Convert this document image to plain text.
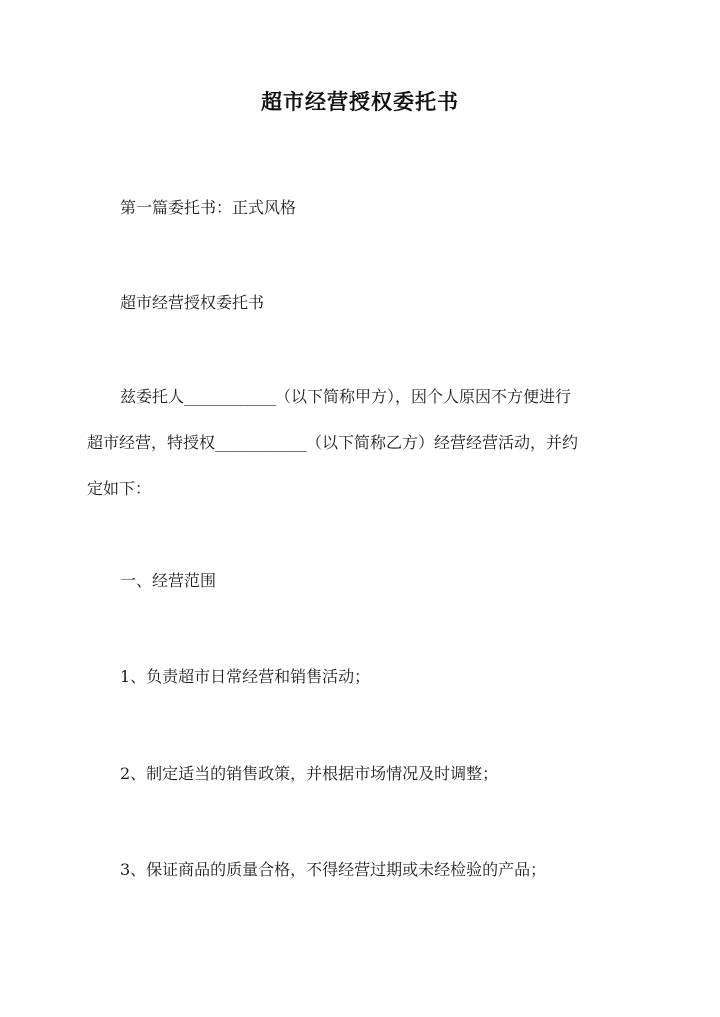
超市经营授权委托书
第一篇委托书：正式风格
超市经营授权委托书
兹委托人_____________（以下简称甲方），因个人原因不方便进行
超市经营，特授权_____________（以下简称乙方）经营经营活动，并约
定如下：
一、经营范围
1、负责超市日常经营和销售活动；
2、制定适当的销售政策，并根据市场情况及时调整；
3、保证商品的质量合格，不得经营过期或未经检验的产品；
